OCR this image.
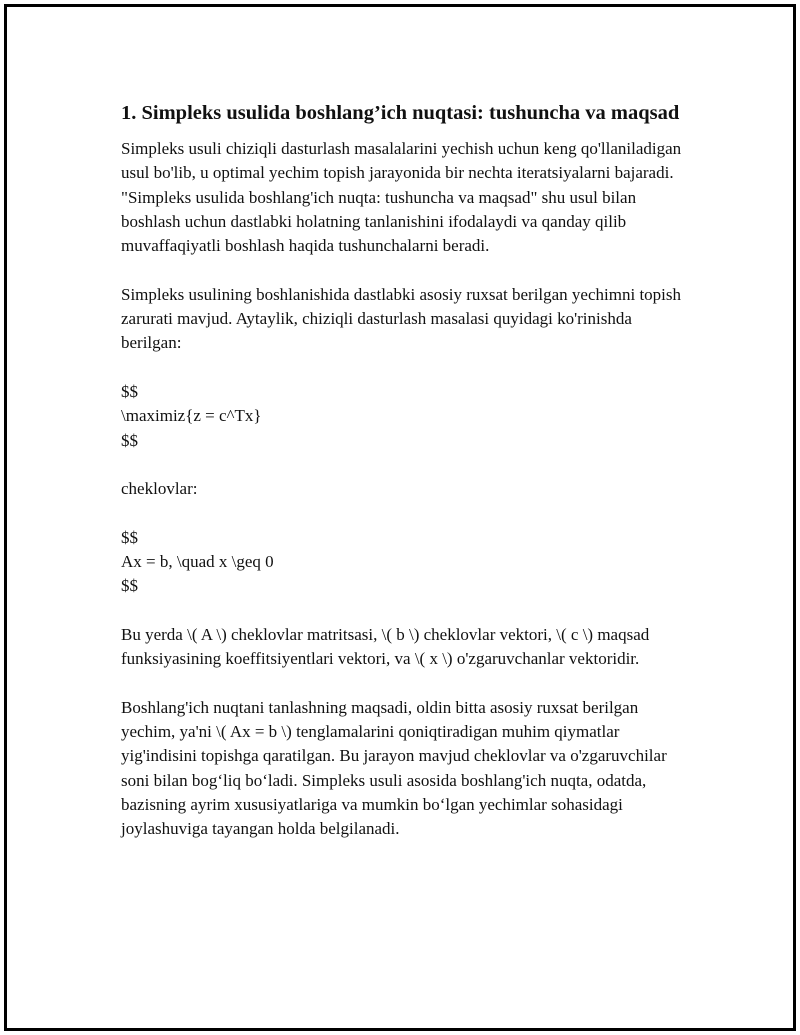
1. Simpleks usulida boshlang’ich nuqtasi: tushuncha va maqsad

Simpleks usuli chiziqli dasturlash masalalarini yechish uchun keng qo'llaniladigan usul bo'lib, u optimal yechim topish jarayonida bir nechta iteratsiyalarni bajaradi. "Simpleks usulida boshlang'ich nuqta: tushuncha va maqsad" shu usul bilan boshlash uchun dastlabki holatning tanlanishini ifodalaydi va qanday qilib muvaffaqiyatli boshlash haqida tushunchalarni beradi.

Simpleks usulining boshlanishida dastlabki asosiy ruxsat berilgan yechimni topish zarurati mavjud. Aytaylik, chiziqli dasturlash masalasi quyidagi ko'rinishda berilgan:

$$
\maximiz{z = c^Tx}
$$

cheklovlar:

$$
Ax = b, \quad x \geq 0
$$

Bu yerda \( A \) cheklovlar matritsasi, \( b \) cheklovlar vektori, \( c \) maqsad funksiyasining koeffitsiyentlari vektori, va \( x \) o'zgaruvchanlar vektoridir.

Boshlang'ich nuqtani tanlashning maqsadi, oldin bitta asosiy ruxsat berilgan yechim, ya'ni \( Ax = b \) tenglamalarini qoniqtiradigan muhim qiymatlar yig'indisini topishga qaratilgan. Bu jarayon mavjud cheklovlar va o'zgaruvchilar soni bilan bog‘liq bo‘ladi. Simpleks usuli asosida boshlang'ich nuqta, odatda, bazisning ayrim xususiyatlariga va mumkin bo‘lgan yechimlar sohasidagi joylashuviga tayangan holda belgilanadi.
